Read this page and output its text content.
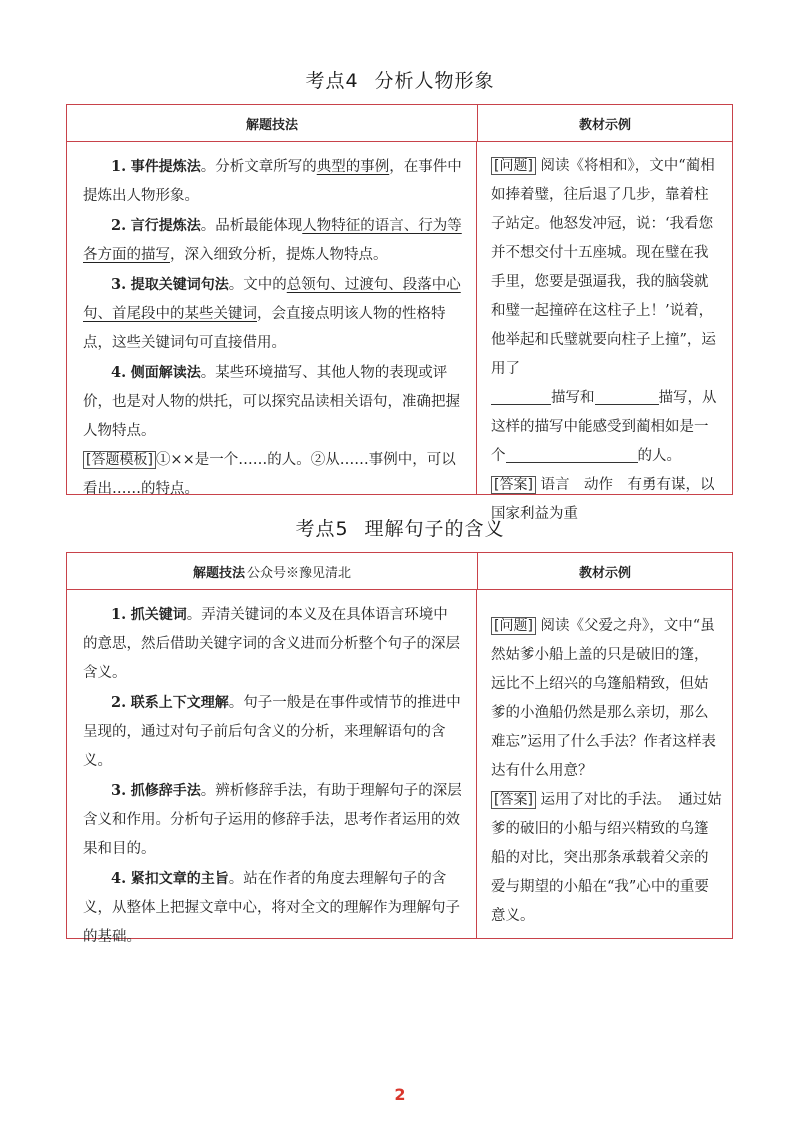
考点4 分析人物形象
解题技法	教材示例

1. 事件提炼法。分析文章所写的典型的事例，在事件中提炼出人物形象。

2. 言行提炼法。品析最能体现人物特征的语言、行为等各方面的描写，深入细致分析，提炼人物特点。

3. 提取关键词句法。文中的总领句、过渡句、段落中心句、首尾段中的某些关键词，会直接点明该人物的性格特点，这些关键词句可直接借用。

4. 侧面解读法。某些环境描写、其他人物的表现或评价，也是对人物的烘托，可以探究品读相关语句，准确把握人物特点。

[答题模板] ①××是一个……的人。②从……事例中，可以看出……的特点。

[问题] 阅读《将相和》，文中“蔺相如捧着璧，往后退了几步，靠着柱子站定。他怒发冲冠，说：‘我看您并不想交付十五座城。现在璧在我手里，您要是强逼我，我的脑袋就和璧一起撞碎在这柱子上！’说着，他举起和氏璧就要向柱子上撞”，运用了
描写和	描写，从这样的描写中能感受到蔺相如是一个	的人。

[答案] 语言　 动作　 有勇有谋，以国家利益为重

考点5 理解句子的含义
解题技法 公众号※豫见清北	教材示例

1. 抓关键词。弄清关键词的本义及在具体语言环境中的意思，然后借助关键字词的含义进而分析整个句子的深层含义。

2. 联系上下文理解。句子一般是在事件或情节的推进中呈现的，通过对句子前后句含义的分析，来理解语句的含义。

3. 抓修辞手法。辨析修辞手法，有助于理解句子的深层含义和作用。分析句子运用的修辞手法，思考作者运用的效果和目的。

4. 紧扣文章的主旨。站在作者的角度去理解句子的含义，从整体上把握文章中心，将对全文的理解作为理解句子的基础。

[问题] 阅读《父爱之舟》，文中“虽然姑爹小船上盖的只是破旧的篷，远比不上绍兴的乌篷船精致，但姑爹的小渔船仍然是那么亲切，那么难忘”运用了什么手法？作者这样表达有什么用意？

[答案] 运用了对比的手法。　通过姑爹的破旧的小船与绍兴精致的乌篷船的对比，突出那条承载着父亲的爱与期望的小船在“我”心中的重要意义。

2
